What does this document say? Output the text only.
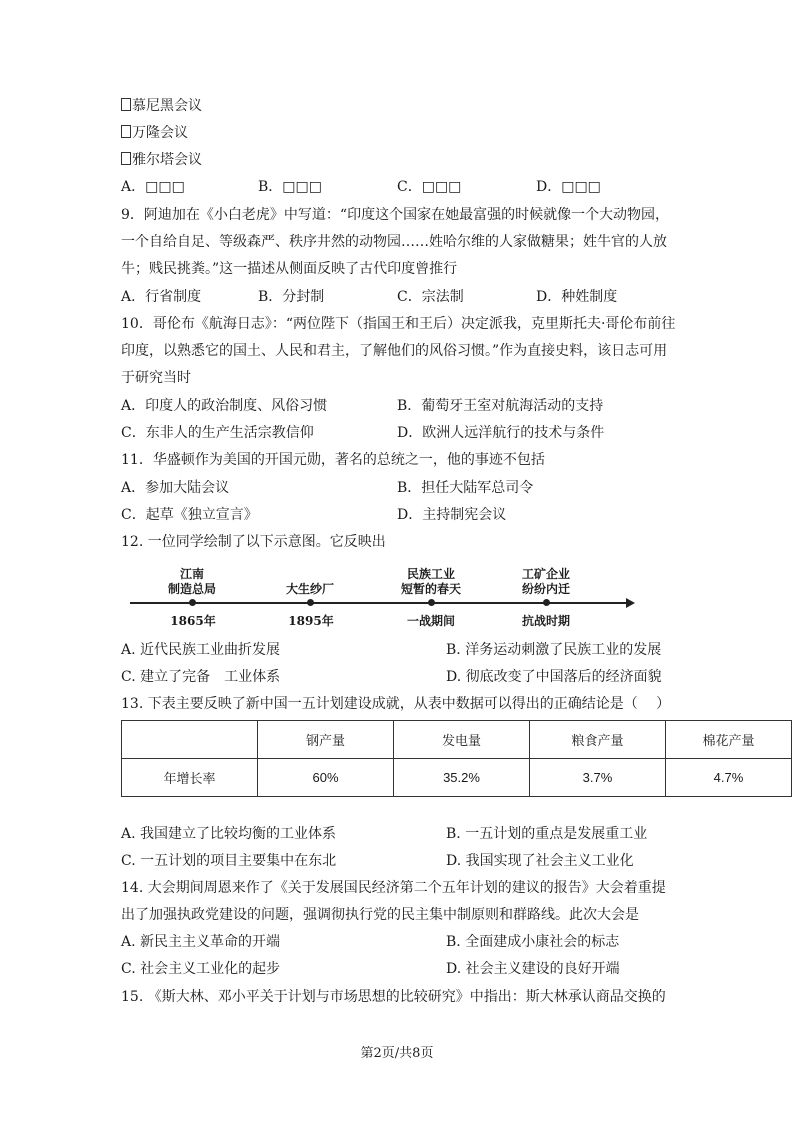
慕尼黑会议
万隆会议
雅尔塔会议
A．□□□	B．□□□	C．□□□	D．□□□
9．阿迪加在《小白老虎》中写道：“印度这个国家在她最富强的时候就像一个大动物园，
一个自给自足、等级森严、秩序井然的动物园……姓哈尔维的人家做糖果；姓牛官的人放
牛；贱民挑粪。”这一描述从侧面反映了古代印度曾推行
A．行省制度	B．分封制	C．宗法制	D．种姓制度
10．哥伦布《航海日志》：“两位陛下（指国王和王后）决定派我，克里斯托夫·哥伦布前往
印度，以熟悉它的国土、人民和君主，了解他们的风俗习惯。”作为直接史料，该日志可用
于研究当时
A．印度人的政治制度、风俗习惯	B．葡萄牙王室对航海活动的支持
C．东非人的生产生活宗教信仰	D．欧洲人远洋航行的技术与条件
11．华盛顿作为美国的开国元勋，著名的总统之一，他的事迹不包括
A．参加大陆会议	B．担任大陆军总司令
C．起草《独立宣言》	D．主持制宪会议
12. 一位同学绘制了以下示意图。它反映出
江南
制造总局	大生纱厂
民族工业
短暂的春天
工矿企业
纷纷内迁
1865年	1895年	一战期间	抗战时期
A. 近代民族工业曲折发展	B. 洋务运动刺激了民族工业的发展
C. 建立了完备　工业体系	D. 彻底改变了中国落后的经济面貌
13. 下表主要反映了新中国一五计划建设成就，从表中数据可以得出的正确结论是（　 ）
	钢产量	发电量	粮食产量	棉花产量
年增长率	60%	35.2%	3.7%	4.7%
A. 我国建立了比较均衡的工业体系	B. 一五计划的重点是发展重工业
C. 一五计划的项目主要集中在东北	D. 我国实现了社会主义工业化
14. 大会期间周恩来作了《关于发展国民经济第二个五年计划的建议的报告》大会着重提
出了加强执政党建设的问题，强调彻执行党的民主集中制原则和群路线。此次大会是
A. 新民主主义革命的开端	B. 全面建成小康社会的标志
C. 社会主义工业化的起步	D. 社会主义建设的良好开端
15. 《斯大林、邓小平关于计划与市场思想的比较研究》中指出：斯大林承认商品交换的
第2页/共8页
